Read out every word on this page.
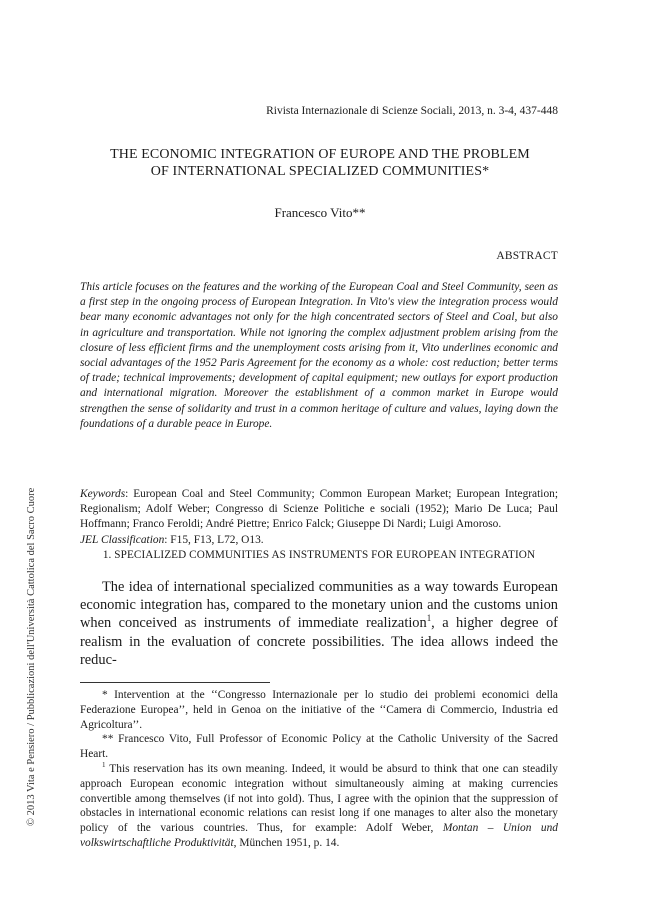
© 2013 Vita e Pensiero / Pubblicazioni dell'Università Cattolica del Sacro Cuore
Rivista Internazionale di Scienze Sociali, 2013, n. 3-4, 437-448
THE ECONOMIC INTEGRATION OF EUROPE AND THE PROBLEM
OF INTERNATIONAL SPECIALIZED COMMUNITIES*
Francesco Vito**
ABSTRACT

This article focuses on the features and the working of the European Coal and Steel Community, seen as a first step in the ongoing process of European Integration. In Vito's view the integration process would bear many economic advantages not only for the high concentrated sectors of Steel and Coal, but also in agriculture and transportation. While not ignoring the complex adjustment problem arising from the closure of less efficient firms and the unemployment costs arising from it, Vito underlines economic and social advantages of the 1952 Paris Agreement for the economy as a whole: cost reduction; better terms of trade; technical improvements; development of capital equipment; new outlays for export production and international migration. Moreover the establishment of a common market in Europe would strengthen the sense of solidarity and trust in a common heritage of culture and values, laying down the foundations of a durable peace in Europe.

Keywords: European Coal and Steel Community; Common European Market; European Integration; Regionalism; Adolf Weber; Congresso di Scienze Politiche e sociali (1952); Mario De Luca; Paul Hoffmann; Franco Feroldi; André Piettre; Enrico Falck; Giuseppe Di Nardi; Luigi Amoroso.
JEL Classification: F15, F13, L72, O13.
1. SPECIALIZED COMMUNITIES AS INSTRUMENTS FOR EUROPEAN INTEGRATION

The idea of international specialized communities as a way towards European economic integration has, compared to the monetary union and the customs union when conceived as instruments of immediate realization$^1$, a higher degree of realism in the evaluation of concrete possibilities. The idea allows indeed the reduc-

* Intervention at the ‘‘Congresso Internazionale per lo studio dei problemi economici della Federazione Europea’’, held in Genoa on the initiative of the ‘‘Camera di Commercio, Industria ed Agricoltura’’.

** Francesco Vito, Full Professor of Economic Policy at the Catholic University of the Sacred Heart.

$^1$ This reservation has its own meaning. Indeed, it would be absurd to think that one can steadily approach European economic integration without simultaneously aiming at making currencies convertible among themselves (if not into gold). Thus, I agree with the opinion that the suppression of obstacles in international economic relations can resist long if one manages to alter also the monetary policy of the various countries. Thus, for example: Adolf Weber, Montan – Union und volkswirtschaftliche Produktivität, München 1951, p. 14.
